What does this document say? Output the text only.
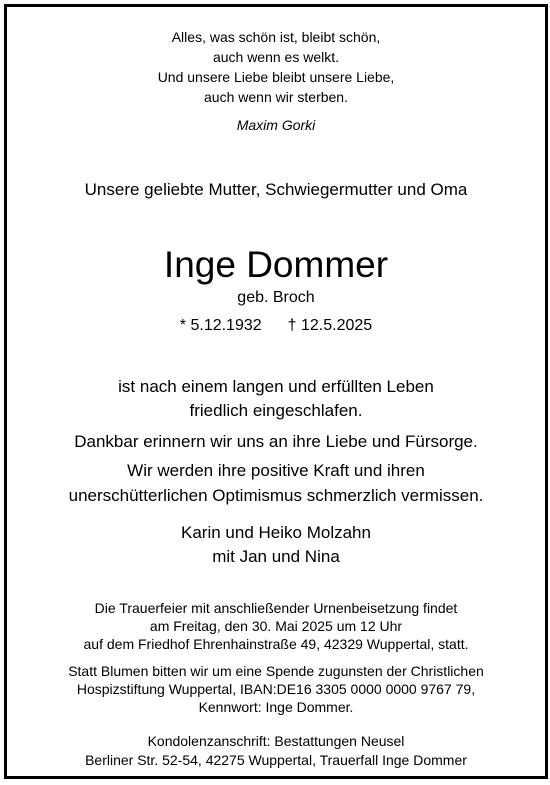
Alles, was schön ist, bleibt schön,
auch wenn es welkt.
Und unsere Liebe bleibt unsere Liebe,
auch wenn wir sterben.
Maxim Gorki
Unsere geliebte Mutter, Schwiegermutter und Oma
Inge Dommer
geb. Broch
* 5.12.1932 † 12.5.2025
ist nach einem langen und erfüllten Leben
friedlich eingeschlafen.
Dankbar erinnern wir uns an ihre Liebe und Fürsorge.
Wir werden ihre positive Kraft und ihren
unerschütterlichen Optimismus schmerzlich vermissen.
Karin und Heiko Molzahn
mit Jan und Nina
Die Trauerfeier mit anschließender Urnenbeisetzung findet
am Freitag, den 30. Mai 2025 um 12 Uhr
auf dem Friedhof Ehrenhainstraße 49, 42329 Wuppertal, statt.
Statt Blumen bitten wir um eine Spende zugunsten der Christlichen
Hospizstiftung Wuppertal, IBAN:DE16 3305 0000 0000 9767 79,
Kennwort: Inge Dommer.
Kondolenzanschrift: Bestattungen Neusel
Berliner Str. 52-54, 42275 Wuppertal, Trauerfall Inge Dommer
